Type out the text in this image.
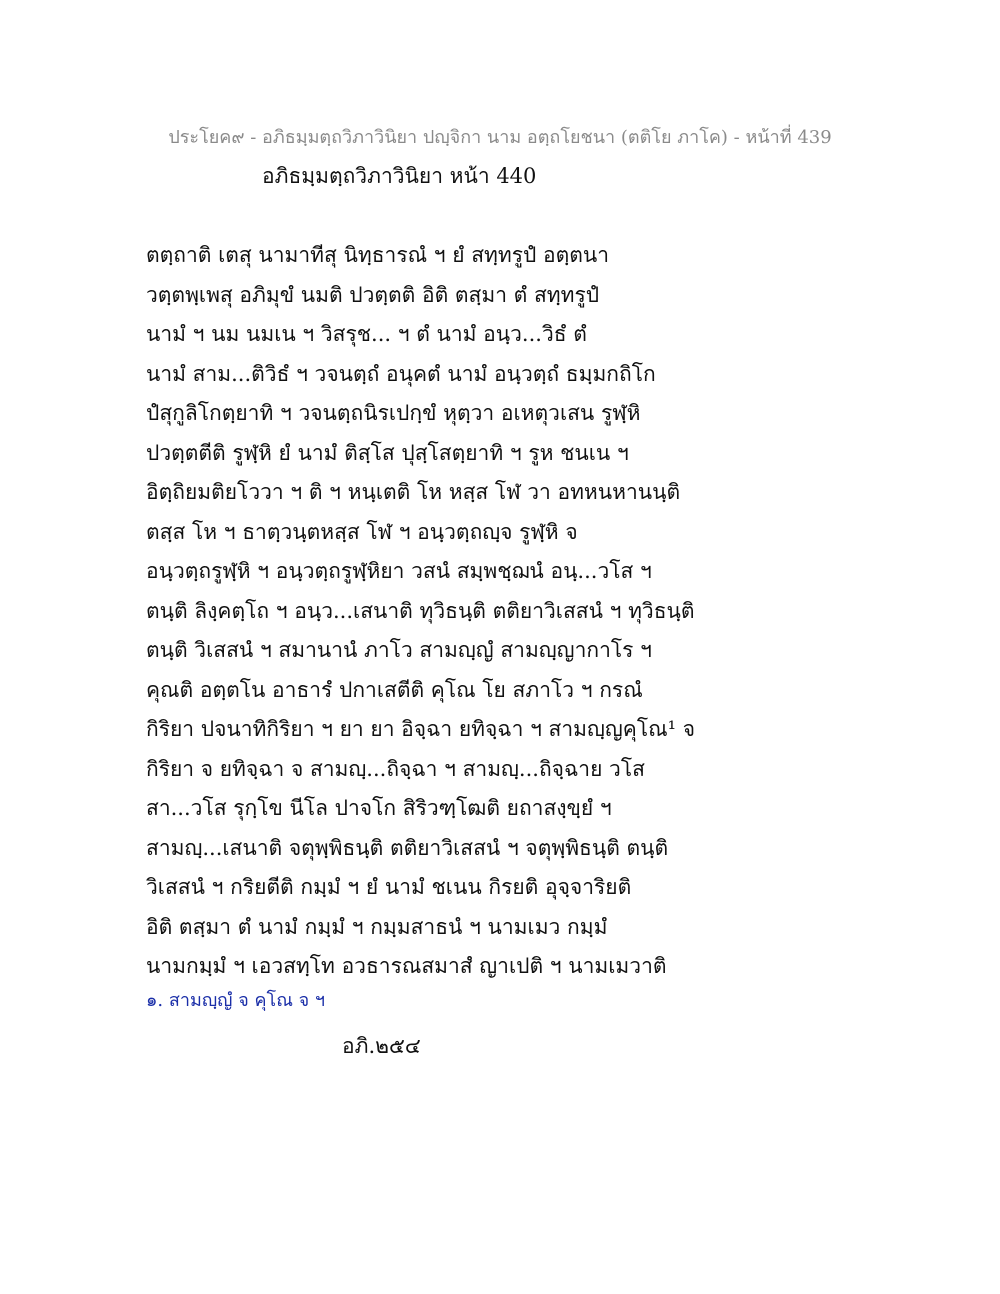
ประโยค๙ - อภิธมฺมตฺถวิภาวินิยา ปญฺจิกา นาม อตฺถโยชนา (ตติโย ภาโค) - หน้าที่ 439
อภิธมฺมตฺถวิภาวินิยา หน้า 440
ตตฺถาติ เตสุ นามาทีสุ นิทฺธารณํ ฯ ยํ สทฺทรูปํ อตฺตนา
วตฺตพฺเพสุ อภิมุขํ นมติ ปวตฺตติ อิติ ตสฺมา ตํ สทฺทรูปํ
นามํ ฯ นม นมเน ฯ วิสรุช... ฯ ตํ นามํ อนฺว...วิธํ ตํ
นามํ สาม...ติวิธํ ฯ วจนตฺถํ อนุคตํ นามํ อนฺวตฺถํ ธมฺมกถิโก
ปํสุกูลิโกตฺยาทิ ฯ วจนตฺถนิรเปกฺขํ หุตฺวา อเหตุวเสน รูฬฺหิ
ปวตฺตตีติ รูฬฺหิ ยํ นามํ ติสฺโส ปุสฺโสตฺยาทิ ฯ รูห ชนเน ฯ
อิตฺถิยมติยโววา ฯ ติ ฯ หนฺเตติ โห หสฺส โฬ วา อทหนหานนฺติ
ตสฺส โห ฯ ธาตฺวนฺตหสฺส โฬ ฯ อนฺวตฺถญฺจ รูฬฺหิ จ
อนฺวตฺถรูฬฺหิ ฯ อนฺวตฺถรูฬฺหิยา วสนํ สมฺพชฺฌนํ อนฺ...วโส ฯ
ตนฺติ ลิงฺคตฺโถ ฯ อนฺว...เสนาติ ทุวิธนฺติ ตติยาวิเสสนํ ฯ ทุวิธนฺติ
ตนฺติ วิเสสนํ ฯ สมานานํ ภาโว สามญฺญํ สามญฺญากาโร ฯ
คุณติ อตฺตโน อาธารํ ปกาเสตีติ คุโณ โย สภาโว ฯ กรณํ
กิริยา ปจนาทิกิริยา ฯ ยา ยา อิจฺฉา ยทิจฺฉา ฯ สามญฺญคุโณ¹ จ
กิริยา จ ยทิจฺฉา จ สามญฺ...ถิจฺฉา ฯ สามญฺ...ถิจฺฉาย วโส
สา...วโส รุกฺโข นีโล ปาจโก สิริวฑฺโฒติ ยถาสงฺขฺยํ ฯ
สามญฺ...เสนาติ จตุพฺพิธนฺติ ตติยาวิเสสนํ ฯ จตุพฺพิธนฺติ ตนฺติ
วิเสสนํ ฯ กริยตีติ กมฺมํ ฯ ยํ นามํ ชเนน กิรยติ อุจฺจาริยติ
อิติ ตสฺมา ตํ นามํ กมฺมํ ฯ กมฺมสาธนํ ฯ นามเมว กมฺมํ
นามกมฺมํ ฯ เอวสทฺโท อวธารณสมาสํ ญาเปติ ฯ นามเมวาติ
๑. สามญฺญํ จ คุโณ จ ฯ
อภิ.๒๕๔
